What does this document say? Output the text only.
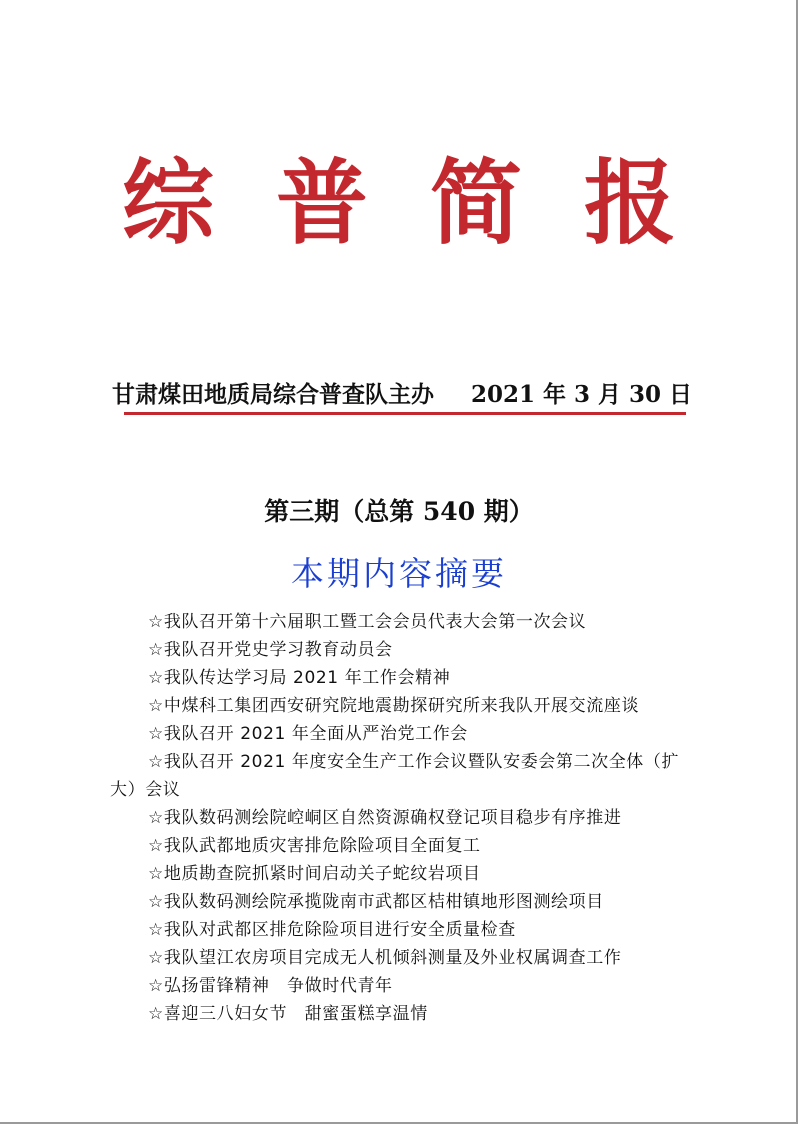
综普简报
甘肃煤田地质局综合普查队主办 2021 年 3 月 30 日
第三期（总第 540 期）
本期内容摘要
☆我队召开第十六届职工暨工会会员代表大会第一次会议
☆我队召开党史学习教育动员会
☆我队传达学习局 2021 年工作会精神
☆中煤科工集团西安研究院地震勘探研究所来我队开展交流座谈
☆我队召开 2021 年全面从严治党工作会
☆我队召开 2021 年度安全生产工作会议暨队安委会第二次全体（扩大）会议
☆我队数码测绘院崆峒区自然资源确权登记项目稳步有序推进
☆我队武都地质灾害排危除险项目全面复工
☆地质勘查院抓紧时间启动关子蛇纹岩项目
☆我队数码测绘院承揽陇南市武都区桔柑镇地形图测绘项目
☆我队对武都区排危除险项目进行安全质量检查
☆我队望江农房项目完成无人机倾斜测量及外业权属调查工作
☆弘扬雷锋精神　争做时代青年
☆喜迎三八妇女节　甜蜜蛋糕享温情
